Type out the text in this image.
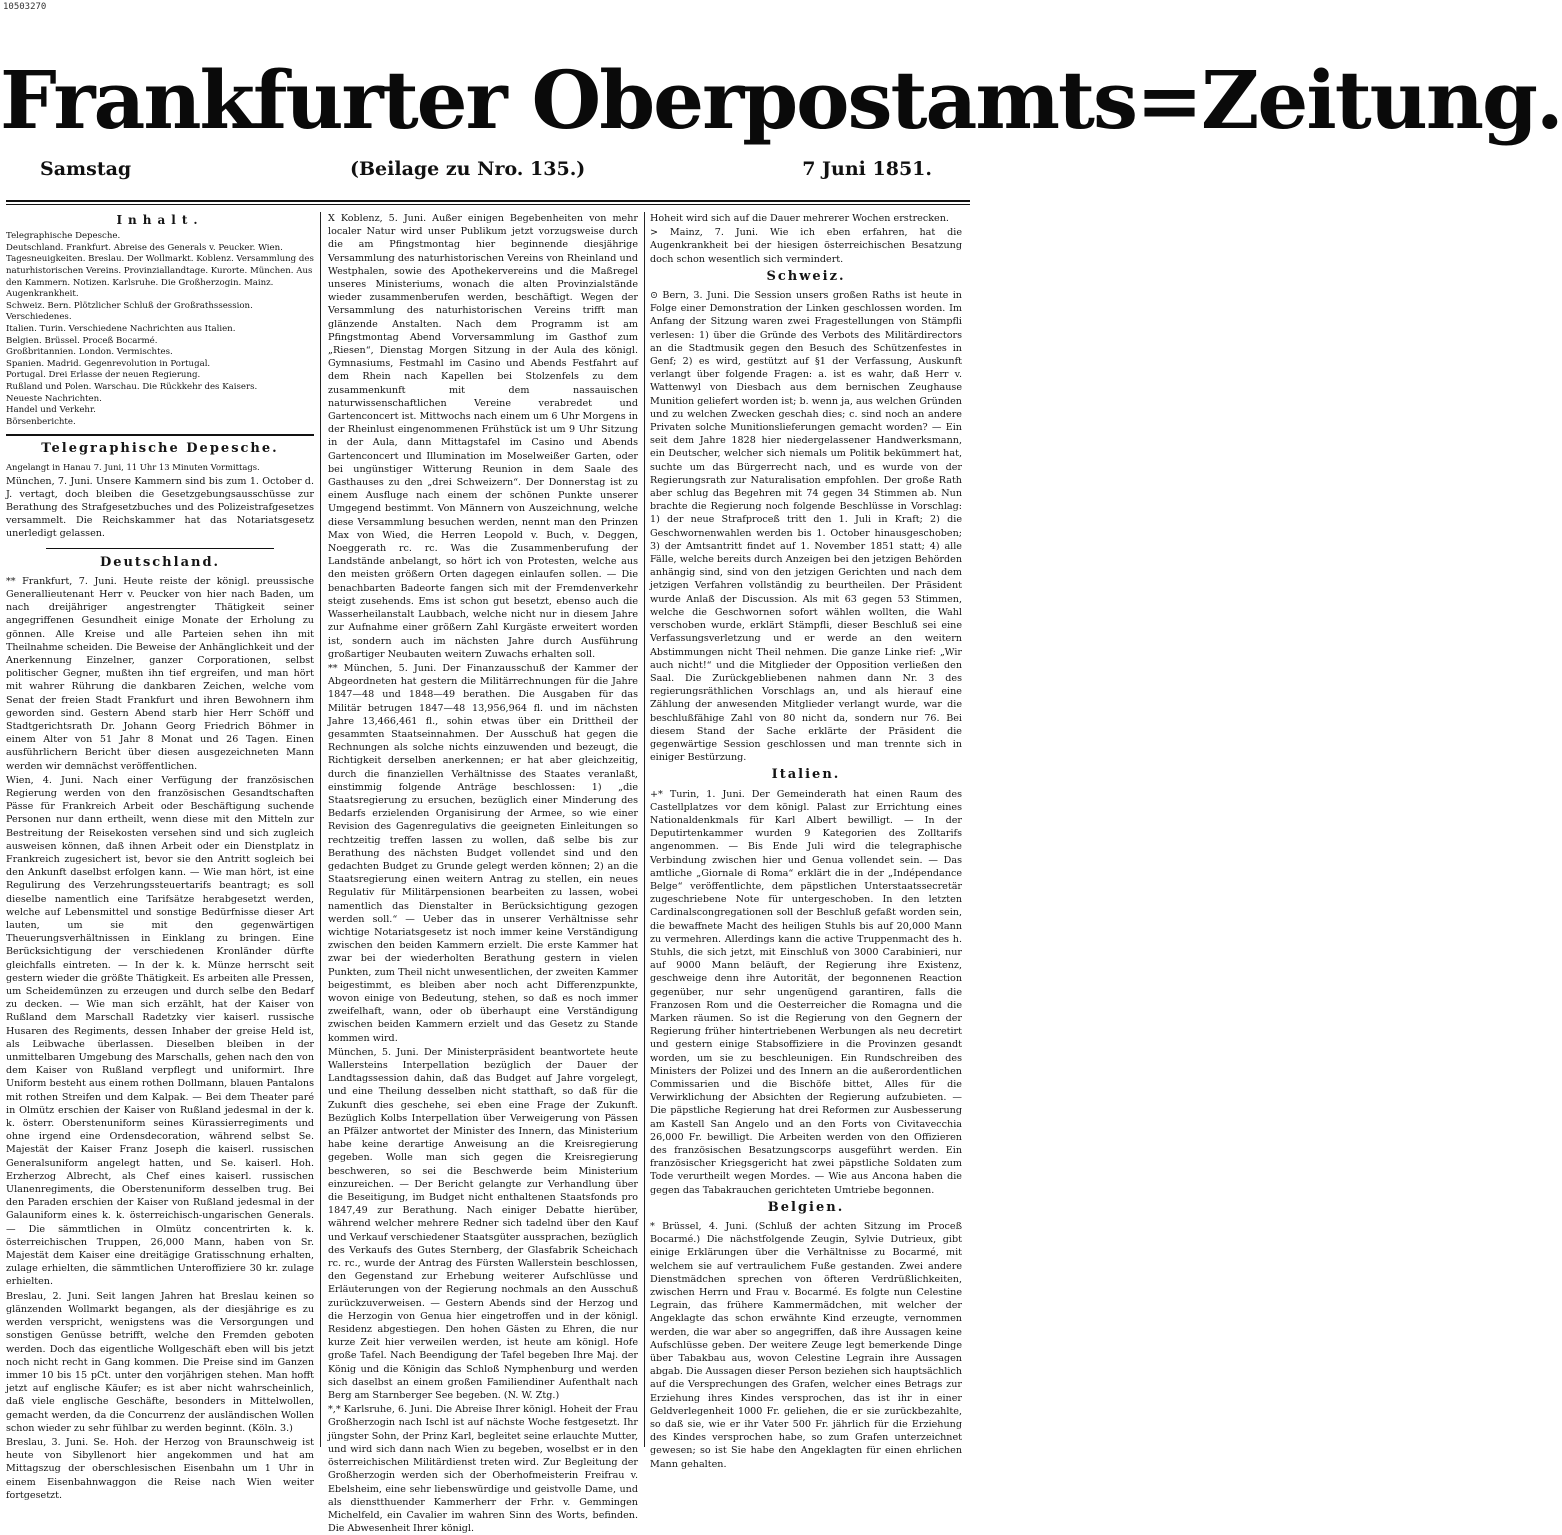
10503270
Frankfurter Oberpostamts=Zeitung.
Samstag	(Beilage zu Nro. 135.)	7 Juni 1851.
Inhalt.
Telegraphische Depesche.
Deutschland. Frankfurt. Abreise des Generals v. Peucker. Wien. Tagesneuigkeiten. Breslau. Der Wollmarkt. Koblenz. Versammlung des naturhistorischen Vereins. Provinziallandtage. Kurorte. München. Aus den Kammern. Notizen. Karlsruhe. Die Großherzogin. Mainz. Augenkrankheit.
Schweiz. Bern. Plötzlicher Schluß der Großrathssession. Verschiedenes.
Italien. Turin. Verschiedene Nachrichten aus Italien.
Belgien. Brüssel. Proceß Bocarmé.
Großbritannien. London. Vermischtes.
Spanien. Madrid. Gegenrevolution in Portugal.
Portugal. Drei Erlasse der neuen Regierung.
Rußland und Polen. Warschau. Die Rückkehr des Kaisers.
Neueste Nachrichten.
Handel und Verkehr.
Börsenberichte.
Telegraphische Depesche.
Angelangt in Hanau 7. Juni, 11 Uhr 13 Minuten Vormittags.

München, 7. Juni. Unsere Kammern sind bis zum 1. October d. J. vertagt, doch bleiben die Gesetzgebungsausschüsse zur Berathung des Strafgesetzbuches und des Polizeistrafgesetzes versammelt. Die Reichskammer hat das Notariatsgesetz unerledigt gelassen.

Deutschland.

** Frankfurt, 7. Juni. Heute reiste der königl. preussische Generallieutenant Herr v. Peucker von hier nach Baden, um nach dreijähriger angestrengter Thätigkeit seiner angegriffenen Gesundheit einige Monate der Erholung zu gönnen. Alle Kreise und alle Parteien sehen ihn mit Theilnahme scheiden. Die Beweise der Anhänglichkeit und der Anerkennung Einzelner, ganzer Corporationen, selbst politischer Gegner, mußten ihn tief ergreifen, und man hört mit wahrer Rührung die dankbaren Zeichen, welche vom Senat der freien Stadt Frankfurt und ihren Bewohnern ihm geworden sind. Gestern Abend starb hier Herr Schöff und Stadtgerichtsrath Dr. Johann Georg Friedrich Böhmer in einem Alter von 51 Jahr 8 Monat und 26 Tagen. Einen ausführlichern Bericht über diesen ausgezeichneten Mann werden wir demnächst veröffentlichen.

Wien, 4. Juni. Nach einer Verfügung der französischen Regierung werden von den französischen Gesandtschaften Pässe für Frankreich Arbeit oder Beschäftigung suchende Personen nur dann ertheilt, wenn diese mit den Mitteln zur Bestreitung der Reisekosten versehen sind und sich zugleich ausweisen können, daß ihnen Arbeit oder ein Dienstplatz in Frankreich zugesichert ist, bevor sie den Antritt sogleich bei den Ankunft daselbst erfolgen kann. — Wie man hört, ist eine Regulirung des Verzehrungssteuertarifs beantragt; es soll dieselbe namentlich eine Tarifsätze herabgesetzt werden, welche auf Lebensmittel und sonstige Bedürfnisse dieser Art lauten, um sie mit den gegenwärtigen Theuerungsverhältnissen in Einklang zu bringen. Eine Berücksichtigung der verschiedenen Kronländer dürfte gleichfalls eintreten. — In der k. k. Münze herrscht seit gestern wieder die größte Thätigkeit. Es arbeiten alle Pressen, um Scheidemünzen zu erzeugen und durch selbe den Bedarf zu decken. — Wie man sich erzählt, hat der Kaiser von Rußland dem Marschall Radetzky vier kaiserl. russische Husaren des Regiments, dessen Inhaber der greise Held ist, als Leibwache überlassen. Dieselben bleiben in der unmittelbaren Umgebung des Marschalls, gehen nach den von dem Kaiser von Rußland verpflegt und uniformirt. Ihre Uniform besteht aus einem rothen Dollmann, blauen Pantalons mit rothen Streifen und dem Kalpak. — Bei dem Theater paré in Olmütz erschien der Kaiser von Rußland jedesmal in der k. k. österr. Oberstenuniform seines Kürassierregiments und ohne irgend eine Ordensdecoration, während selbst Se. Majestät der Kaiser Franz Joseph die kaiserl. russischen Generalsuniform angelegt hatten, und Se. kaiserl. Hoh. Erzherzog Albrecht, als Chef eines kaiserl. russischen Ulanenregiments, die Oberstenuniform desselben trug. Bei den Paraden erschien der Kaiser von Rußland jedesmal in der Galauniform eines k. k. österreichisch-ungarischen Generals. — Die sämmtlichen in Olmütz concentrirten k. k. österreichischen Truppen, 26,000 Mann, haben von Sr. Majestät dem Kaiser eine dreitägige Gratisschnung erhalten, zulage erhielten, die sämmtlichen Unteroffiziere 30 kr. zulage erhielten.

Breslau, 2. Juni. Seit langen Jahren hat Breslau keinen so glänzenden Wollmarkt begangen, als der diesjährige es zu werden verspricht, wenigstens was die Versorgungen und sonstigen Genüsse betrifft, welche den Fremden geboten werden. Doch das eigentliche Wollgeschäft eben will bis jetzt noch nicht recht in Gang kommen. Die Preise sind im Ganzen immer 10 bis 15 pCt. unter den vorjährigen stehen. Man hofft jetzt auf englische Käufer; es ist aber nicht wahrscheinlich, daß viele englische Geschäfte, besonders in Mittelwollen, gemacht werden, da die Concurrenz der ausländischen Wollen schon wieder zu sehr fühlbar zu werden beginnt. (Köln. 3.)

Breslau, 3. Juni. Se. Hoh. der Herzog von Braunschweig ist heute von Sibyllenort hier angekommen und hat am Mittagszug der oberschlesischen Eisenbahn um 1 Uhr in einem Eisenbahnwaggon die Reise nach Wien weiter fortgesetzt.

X Koblenz, 5. Juni. Außer einigen Begebenheiten von mehr localer Natur wird unser Publikum jetzt vorzugsweise durch die am Pfingstmontag hier beginnende diesjährige Versammlung des naturhistorischen Vereins von Rheinland und Westphalen, sowie des Apothekervereins und die Maßregel unseres Ministeriums, wonach die alten Provinzialstände wieder zusammenberufen werden, beschäftigt. Wegen der Versammlung des naturhistorischen Vereins trifft man glänzende Anstalten. Nach dem Programm ist am Pfingstmontag Abend Vorversammlung im Gasthof zum „Riesen“, Dienstag Morgen Sitzung in der Aula des königl. Gymnasiums, Festmahl im Casino und Abends Festfahrt auf dem Rhein nach Kapellen bei Stolzenfels zu dem zusammenkunft mit dem nassauischen naturwissenschaftlichen Vereine verabredet und Gartenconcert ist. Mittwochs nach einem um 6 Uhr Morgens in der Rheinlust eingenommenen Frühstück ist um 9 Uhr Sitzung in der Aula, dann Mittagstafel im Casino und Abends Gartenconcert und Illumination im Moselweißer Garten, oder bei ungünstiger Witterung Reunion in dem Saale des Gasthauses zu den „drei Schweizern“. Der Donnerstag ist zu einem Ausfluge nach einem der schönen Punkte unserer Umgegend bestimmt. Von Männern von Auszeichnung, welche diese Versammlung besuchen werden, nennt man den Prinzen Max von Wied, die Herren Leopold v. Buch, v. Deggen, Noeggerath rc. rc. Was die Zusammenberufung der Landstände anbelangt, so hört ich von Protesten, welche aus den meisten größern Orten dagegen einlaufen sollen. — Die benachbarten Badeorte fangen sich mit der Fremdenverkehr steigt zusehends. Ems ist schon gut besetzt, ebenso auch die Wasserheilanstalt Laubbach, welche nicht nur in diesem Jahre zur Aufnahme einer größern Zahl Kurgäste erweitert worden ist, sondern auch im nächsten Jahre durch Ausführung großartiger Neubauten weitern Zuwachs erhalten soll.

** München, 5. Juni. Der Finanzausschuß der Kammer der Abgeordneten hat gestern die Militärrechnungen für die Jahre 1847—48 und 1848—49 berathen. Die Ausgaben für das Militär betrugen 1847—48 13,956,964 fl. und im nächsten Jahre 13,466,461 fl., sohin etwas über ein Drittheil der gesammten Staatseinnahmen. Der Ausschuß hat gegen die Rechnungen als solche nichts einzuwenden und bezeugt, die Richtigkeit derselben anerkennen; er hat aber gleichzeitig, durch die finanziellen Verhältnisse des Staates veranlaßt, einstimmig folgende Anträge beschlossen: 1) „die Staatsregierung zu ersuchen, bezüglich einer Minderung des Bedarfs erzielenden Organisirung der Armee, so wie einer Revision des Gagenregulativs die geeigneten Einleitungen so rechtzeitig treffen lassen zu wollen, daß selbe bis zur Berathung des nächsten Budget vollendet sind und den gedachten Budget zu Grunde gelegt werden können; 2) an die Staatsregierung einen weitern Antrag zu stellen, ein neues Regulativ für Militärpensionen bearbeiten zu lassen, wobei namentlich das Dienstalter in Berücksichtigung gezogen werden soll.“ — Ueber das in unserer Verhältnisse sehr wichtige Notariatsgesetz ist noch immer keine Verständigung zwischen den beiden Kammern erzielt. Die erste Kammer hat zwar bei der wiederholten Berathung gestern in vielen Punkten, zum Theil nicht unwesentlichen, der zweiten Kammer beigestimmt, es bleiben aber noch acht Differenzpunkte, wovon einige von Bedeutung, stehen, so daß es noch immer zweifelhaft, wann, oder ob überhaupt eine Verständigung zwischen beiden Kammern erzielt und das Gesetz zu Stande kommen wird.

München, 5. Juni. Der Ministerpräsident beantwortete heute Wallersteins Interpellation bezüglich der Dauer der Landtagssession dahin, daß das Budget auf Jahre vorgelegt, und eine Theilung desselben nicht statthaft, so daß für die Zukunft dies geschehe, sei eben eine Frage der Zukunft. Bezüglich Kolbs Interpellation über Verweigerung von Pässen an Pfälzer antwortet der Minister des Innern, das Ministerium habe keine derartige Anweisung an die Kreisregierung gegeben. Wolle man sich gegen die Kreisregierung beschweren, so sei die Beschwerde beim Ministerium einzureichen. — Der Bericht gelangte zur Verhandlung über die Beseitigung, im Budget nicht enthaltenen Staatsfonds pro 1847,49 zur Berathung. Nach einiger Debatte hierüber, während welcher mehrere Redner sich tadelnd über den Kauf und Verkauf verschiedener Staatsgüter aussprachen, bezüglich des Verkaufs des Gutes Sternberg, der Glasfabrik Scheichach rc. rc., wurde der Antrag des Fürsten Wallerstein beschlossen, den Gegenstand zur Erhebung weiterer Aufschlüsse und Erläuterungen von der Regierung nochmals an den Ausschuß zurückzuverweisen. — Gestern Abends sind der Herzog und die Herzogin von Genua hier eingetroffen und in der königl. Residenz abgestiegen. Den hohen Gästen zu Ehren, die nur kurze Zeit hier verweilen werden, ist heute am königl. Hofe große Tafel. Nach Beendigung der Tafel begeben Ihre Maj. der König und die Königin das Schloß Nymphenburg und werden sich daselbst an einem großen Familiendiner Aufenthalt nach Berg am Starnberger See begeben. (N. W. Ztg.)

*,* Karlsruhe, 6. Juni. Die Abreise Ihrer königl. Hoheit der Frau Großherzogin nach Ischl ist auf nächste Woche festgesetzt. Ihr jüngster Sohn, der Prinz Karl, begleitet seine erlauchte Mutter, und wird sich dann nach Wien zu begeben, woselbst er in den österreichischen Militärdienst treten wird. Zur Begleitung der Großherzogin werden sich der Oberhofmeisterin Freifrau v. Ebelsheim, eine sehr liebenswürdige und geistvolle Dame, und als dienstthuender Kammerherr der Frhr. v. Gemmingen Michelfeld, ein Cavalier im wahren Sinn des Worts, befinden. Die Abwesenheit Ihrer königl.

Hoheit wird sich auf die Dauer mehrerer Wochen erstrecken.

> Mainz, 7. Juni. Wie ich eben erfahren, hat die Augenkrankheit bei der hiesigen österreichischen Besatzung doch schon wesentlich sich vermindert.

Schweiz.

⊙ Bern, 3. Juni. Die Session unsers großen Raths ist heute in Folge einer Demonstration der Linken geschlossen worden. Im Anfang der Sitzung waren zwei Fragestellungen von Stämpfli verlesen: 1) über die Gründe des Verbots des Militärdirectors an die Stadtmusik gegen den Besuch des Schützenfestes in Genf; 2) es wird, gestützt auf §1 der Verfassung, Auskunft verlangt über folgende Fragen: a. ist es wahr, daß Herr v. Wattenwyl von Diesbach aus dem bernischen Zeughause Munition geliefert worden ist; b. wenn ja, aus welchen Gründen und zu welchen Zwecken geschah dies; c. sind noch an andere Privaten solche Munitionslieferungen gemacht worden? — Ein seit dem Jahre 1828 hier niedergelassener Handwerksmann, ein Deutscher, welcher sich niemals um Politik bekümmert hat, suchte um das Bürgerrecht nach, und es wurde von der Regierungsrath zur Naturalisation empfohlen. Der große Rath aber schlug das Begehren mit 74 gegen 34 Stimmen ab. Nun brachte die Regierung noch folgende Beschlüsse in Vorschlag: 1) der neue Strafproceß tritt den 1. Juli in Kraft; 2) die Geschwornenwahlen werden bis 1. October hinausgeschoben; 3) der Amtsantritt findet auf 1. November 1851 statt; 4) alle Fälle, welche bereits durch Anzeigen bei den jetzigen Behörden anhängig sind, sind von den jetzigen Gerichten und nach dem jetzigen Verfahren vollständig zu beurtheilen. Der Präsident wurde Anlaß der Discussion. Als mit 63 gegen 53 Stimmen, welche die Geschwornen sofort wählen wollten, die Wahl verschoben wurde, erklärt Stämpfli, dieser Beschluß sei eine Verfassungsverletzung und er werde an den weitern Abstimmungen nicht Theil nehmen. Die ganze Linke rief: „Wir auch nicht!“ und die Mitglieder der Opposition verließen den Saal. Die Zurückgebliebenen nahmen dann Nr. 3 des regierungsräthlichen Vorschlags an, und als hierauf eine Zählung der anwesenden Mitglieder verlangt wurde, war die beschlußfähige Zahl von 80 nicht da, sondern nur 76. Bei diesem Stand der Sache erklärte der Präsident die gegenwärtige Session geschlossen und man trennte sich in einiger Bestürzung.

Italien.

+* Turin, 1. Juni. Der Gemeinderath hat einen Raum des Castellplatzes vor dem königl. Palast zur Errichtung eines Nationaldenkmals für Karl Albert bewilligt. — In der Deputirtenkammer wurden 9 Kategorien des Zolltarifs angenommen. — Bis Ende Juli wird die telegraphische Verbindung zwischen hier und Genua vollendet sein. — Das amtliche „Giornale di Roma“ erklärt die in der „Indépendance Belge“ veröffentlichte, dem päpstlichen Unterstaatssecretär zugeschriebene Note für untergeschoben. In den letzten Cardinalscongregationen soll der Beschluß gefaßt worden sein, die bewaffnete Macht des heiligen Stuhls bis auf 20,000 Mann zu vermehren. Allerdings kann die active Truppenmacht des h. Stuhls, die sich jetzt, mit Einschluß von 3000 Carabinieri, nur auf 9000 Mann beläuft, der Regierung ihre Existenz, geschweige denn ihre Autorität, der begonnenen Reaction gegenüber, nur sehr ungenügend garantiren, falls die Franzosen Rom und die Oesterreicher die Romagna und die Marken räumen. So ist die Regierung von den Gegnern der Regierung früher hintertriebenen Werbungen als neu decretirt und gestern einige Stabsoffiziere in die Provinzen gesandt worden, um sie zu beschleunigen. Ein Rundschreiben des Ministers der Polizei und des Innern an die außerordentlichen Commissarien und die Bischöfe bittet, Alles für die Verwirklichung der Absichten der Regierung aufzubieten. — Die päpstliche Regierung hat drei Reformen zur Ausbesserung am Kastell San Angelo und an den Forts von Civitavecchia 26,000 Fr. bewilligt. Die Arbeiten werden von den Offizieren des französischen Besatzungscorps ausgeführt werden. Ein französischer Kriegsgericht hat zwei päpstliche Soldaten zum Tode verurtheilt wegen Mordes. — Wie aus Ancona haben die gegen das Tabakrauchen gerichteten Umtriebe begonnen.

Belgien.

* Brüssel, 4. Juni. (Schluß der achten Sitzung im Proceß Bocarmé.) Die nächstfolgende Zeugin, Sylvie Dutrieux, gibt einige Erklärungen über die Verhältnisse zu Bocarmé, mit welchem sie auf vertraulichem Fuße gestanden. Zwei andere Dienstmädchen sprechen von öfteren Verdrüßlichkeiten, zwischen Herrn und Frau v. Bocarmé. Es folgte nun Celestine Legrain, das frühere Kammermädchen, mit welcher der Angeklagte das schon erwähnte Kind erzeugte, vernommen werden, die war aber so angegriffen, daß ihre Aussagen keine Aufschlüsse geben. Der weitere Zeuge legt bemerkende Dinge über Tabakbau aus, wovon Celestine Legrain ihre Aussagen abgab. Die Aussagen dieser Person beziehen sich hauptsächlich auf die Versprechungen des Grafen, welcher eines Betrags zur Erziehung ihres Kindes versprochen, das ist ihr in einer Geldverlegenheit 1000 Fr. geliehen, die er sie zurückbezahlte, so daß sie, wie er ihr Vater 500 Fr. jährlich für die Erziehung des Kindes versprochen habe, so zum Grafen unterzeichnet gewesen; so ist Sie habe den Angeklagten für einen ehrlichen Mann gehalten.
